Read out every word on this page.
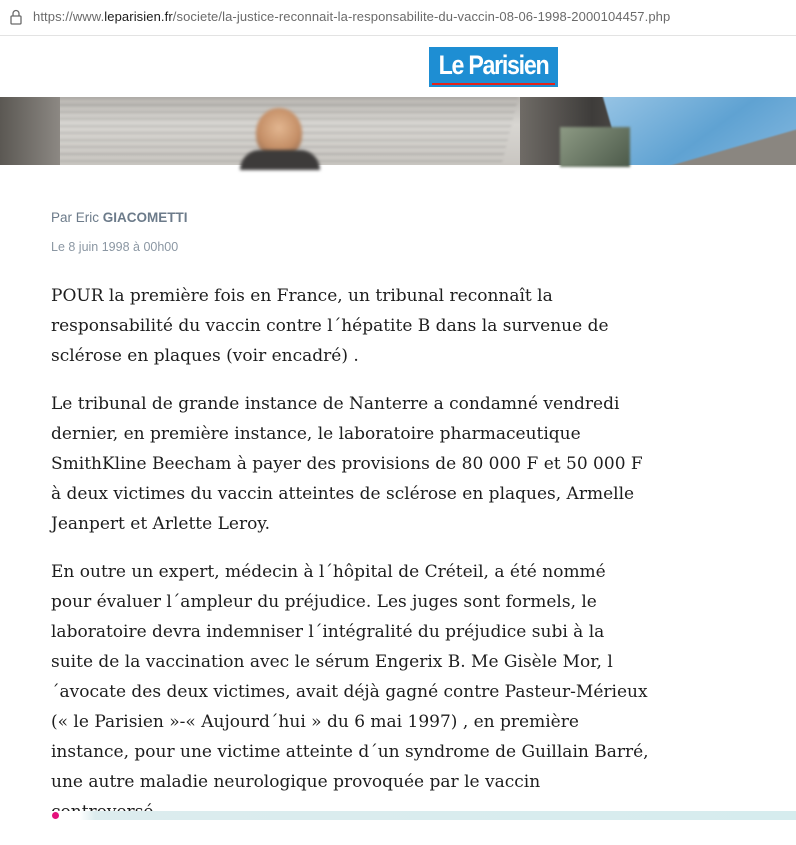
https://www.leparisien.fr/societe/la-justice-reconnait-la-responsabilite-du-vaccin-08-06-1998-2000104457.php
Le Parisien
Par Eric GIACOMETTI
Le 8 juin 1998 à 00h00

POUR la première fois en France, un tribunal reconnaît la responsabilité du vaccin contre l´hépatite B dans la survenue de sclérose en plaques (voir encadré) .

Le tribunal de grande instance de Nanterre a condamné vendredi dernier, en première instance, le laboratoire pharmaceutique SmithKline Beecham à payer des provisions de 80 000 F et 50 000 F à deux victimes du vaccin atteintes de sclérose en plaques, Armelle Jeanpert et Arlette Leroy.

En outre un expert, médecin à l´hôpital de Créteil, a été nommé pour évaluer l´ampleur du préjudice. Les juges sont formels, le laboratoire devra indemniser l´intégralité du préjudice subi à la suite de la vaccination avec le sérum Engerix B. Me Gisèle Mor, l´avocate des deux victimes, avait déjà gagné contre Pasteur-Mérieux (« le Parisien »-« Aujourd´hui » du 6 mai 1997) , en première instance, pour une victime atteinte d´un syndrome de Guillain Barré, une autre maladie neurologique provoquée par le vaccin
